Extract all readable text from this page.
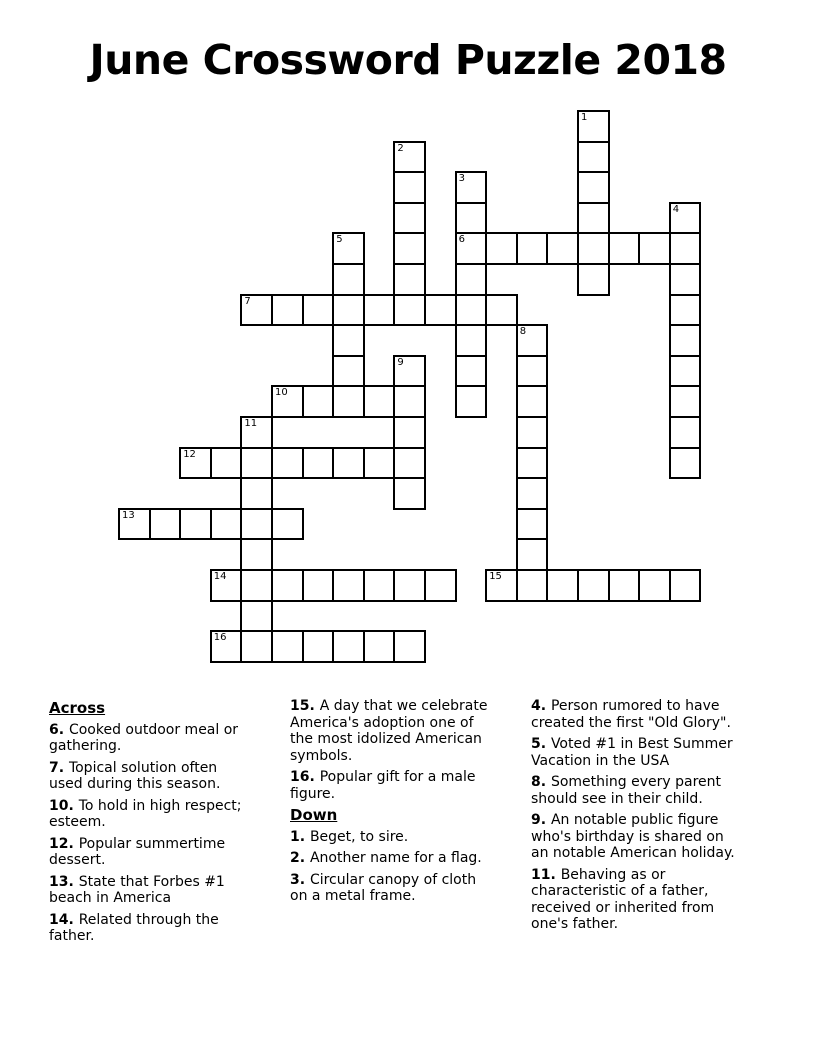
June Crossword Puzzle 2018
1
2
3
4
5	6
7
8
9
10
11
12
13
14	15
16
Across
6. Cooked outdoor meal or gathering.
7. Topical solution often used during this season.
10. To hold in high respect; esteem.
12. Popular summertime dessert.
13. State that Forbes #1 beach in America
14. Related through the father.
15. A day that we celebrate America's adoption one of the most idolized American symbols.
16. Popular gift for a male figure.
Down
1. Beget, to sire.
2. Another name for a flag.
3. Circular canopy of cloth on a metal frame.
4. Person rumored to have created the first "Old Glory".
5. Voted #1 in Best Summer Vacation in the USA
8. Something every parent should see in their child.
9. An notable public figure who's birthday is shared on an notable American holiday.
11. Behaving as or characteristic of a father, received or inherited from one's father.
